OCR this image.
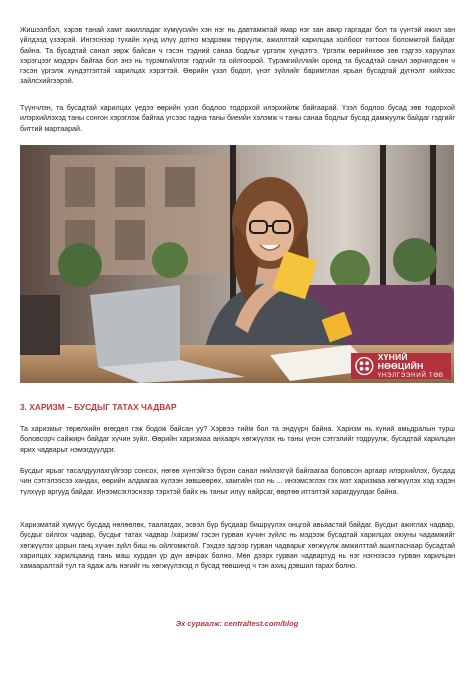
Жишээлбэл, хэрэв танай хамт ажилладаг хүмүүсийн хэн нэг нь давтамжтай ямар нэг зан авир гаргадаг бол та үүнтэй ижил зан үйлдэзд үзээрэй. Ингэснээр тухайн хүнд илүү дотно мэдрэмж төрүүлж, ажиллтай харилцаа холбоог тогтоох боломжтой байдаг байна. Та бусадтай санал зөрж байсан ч гэсэн тэдний санаа бодлыг үргэлж хүндэтгэ. Үргэлж өөрийнхөө зөв гэдгээ харуулах хэрэгцээг мэдэрч байгаа бол энэ нь түрэмгийллэг гэдгийг та ойлгоорой. Түрэмгийллийн оронд та бусадтай санал зөрчилдсөн ч гэсэн үргэлж хүндэтгэлтэй харилцах хэрэгтэй. Өөрийн үзэл бодол, үнэт зүйлийг баримтлан ярьан бусадтай дүгнэлт хийхээс зайлсхийгээрэй.

Түүнчлэн, та бусадтай харилцах үедээ өөрийн үзэл бодлоо тодорхой илэрхийлж байгаарай. Үзэл бодлоо бусад зөв тодорхой илэрхийлэхэд таны сонгон хэрэглэж байгаа үгсээс гадна таны биеийн хэлэмж ч таны санаа бодлыг бусад дамжуулж байдаг гэдгийг биттий мартаарай.

ХҮНИЙ НӨӨЦИЙН
ҮНЭЛГЭЭНИЙ ТӨВ
3. ХАРИЗМ – БУСДЫГ ТАТАХ ЧАДВАР

Та харизмыг төрөлхийн өгөгдөл гэж бодож байсан уу? Хэрвээ тийм бол та эндүүрч байна. Харизм нь хүний амьдралын турш боловсорч сайжирч байдаг хүчин зүйл. Өөрийн харизмаа анхаарч хөгжүүлэх нь таны үнэн сэтгэлийг тодруулж, бусадтай харилцан ярих чадварыг нэмэгдүүлдэг.

Бусдыг ярьаг тасалдуулахгүйгээр сонсох, нөгөө хүнтэйгээ бүрэн санал нийлэхгүй байгаагаа боловсон аргаар илэрхийлэх, бусдад чин сэтгэлээсээ хандах, өөрийн алдаагаа хүлээн зөвшөөрөх, хамгийн гол нь ... инээмсэглэх гэх мэт харизмаа хөгжүүлэх хэд хэдэн түлхүүр аргууд байдаг. Инээмсэглэснээр тэрхтэй байх нь таныг илүү найрсаг, өөртөө итгэлтэй харагдуулдаг байна.

Харизматай хүмүүс бусдад нөлөөлөх, таалагдах, эсвэл бүр бусдаар бишрүүлэх онцгой авьяастай байдаг. Бусдыг ажиглах чадвар, бусдыг ойлгох чадвар, бусдыг татах чадвар /харизм/ гэсэн гурван хүчин зүйлс нь мэдээж бусадтай харилцах оюуны чадамжийг хөгжүүлэх цорын ганц хүчин зүйл биш нь ойлгомжтой. Гэхдээ эдгээр гурван чадварыг хөгжүүлж амжилттай ашигласнаар бусадтай харилцах харилцаанд тань маш хурдан үр дүн авчрах болно. Мөн дээрх гурван чадвартуд нь нэг нэгнээсээ гурван харилцан хамааралтай тул та ядаж аль нэгийг нь хөгжүүлэхэд л бусад төвшинд ч тэн ахиц дэвшил гарах болно.

Эх сурвалж: centraltest.com/blog
